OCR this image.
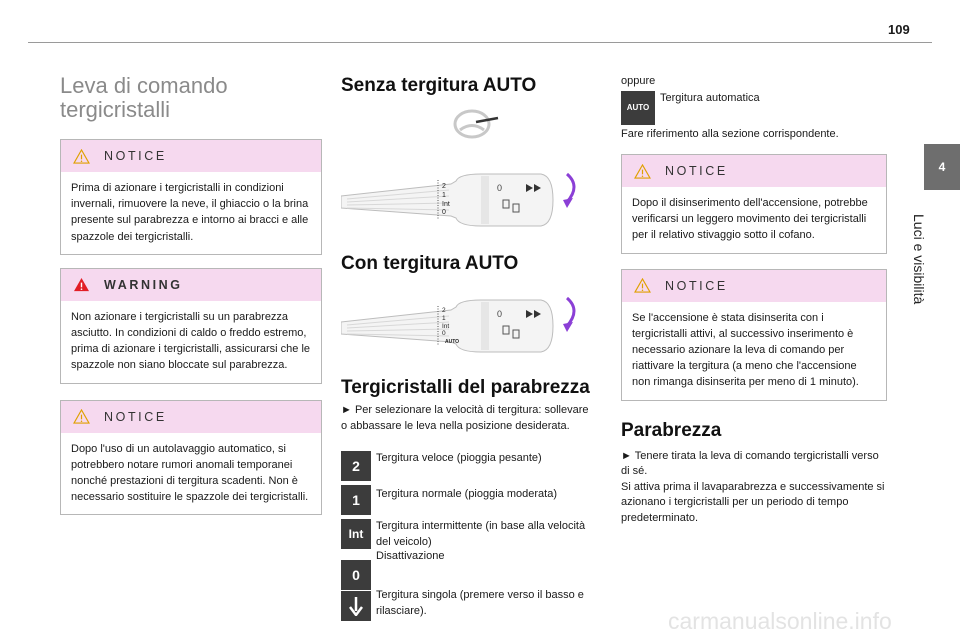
109
4
Luci e visibilità
Leva di comando
tergicristalli
NOTICE
Prima di azionare i tergicristalli in condizioni invernali, rimuovere la neve, il ghiaccio o la brina presente sul parabrezza e intorno ai bracci e alle spazzole dei tergicristalli.
WARNING
Non azionare i tergicristalli su un parabrezza asciutto. In condizioni di caldo o freddo estremo, prima di azionare i tergicristalli, assicurarsi che le spazzole non siano bloccate sul parabrezza.
NOTICE
Dopo l'uso di un autolavaggio automatico, si potrebbero notare rumori anomali temporanei nonché prestazioni di tergitura scadenti. Non è necessario sostituire le spazzole dei tergicristalli.
Senza tergitura AUTO
2
1
Int
0
0
Con tergitura AUTO
2
1
Int
0
AUTO
0
Tergicristalli del parabrezza
► Per selezionare la velocità di tergitura: sollevare o abbassare le leva nella posizione desiderata.
2	Tergitura veloce (pioggia pesante)
1	Tergitura normale (pioggia moderata)
Int
Tergitura intermittente (in base alla velocità del veicolo)
0
Disattivazione
Tergitura singola (premere verso il basso e rilasciare).
oppure
AUTO
Tergitura automatica
Fare riferimento alla sezione corrispondente.
NOTICE
Dopo il disinserimento dell'accensione, potrebbe verificarsi un leggero movimento dei tergicristalli per il relativo stivaggio sotto il cofano.
NOTICE
Se l'accensione è stata disinserita con i tergicristalli attivi, al successivo inserimento è necessario azionare la leva di comando per riattivare la tergitura (a meno che l'accensione non rimanga disinserita per meno di 1 minuto).
Parabrezza
► Tenere tirata la leva di comando tergicristalli verso di sé.
Si attiva prima il lavaparabrezza e successivamente si azionano i tergicristalli per un periodo di tempo predeterminato.
carmanualsonline.info
